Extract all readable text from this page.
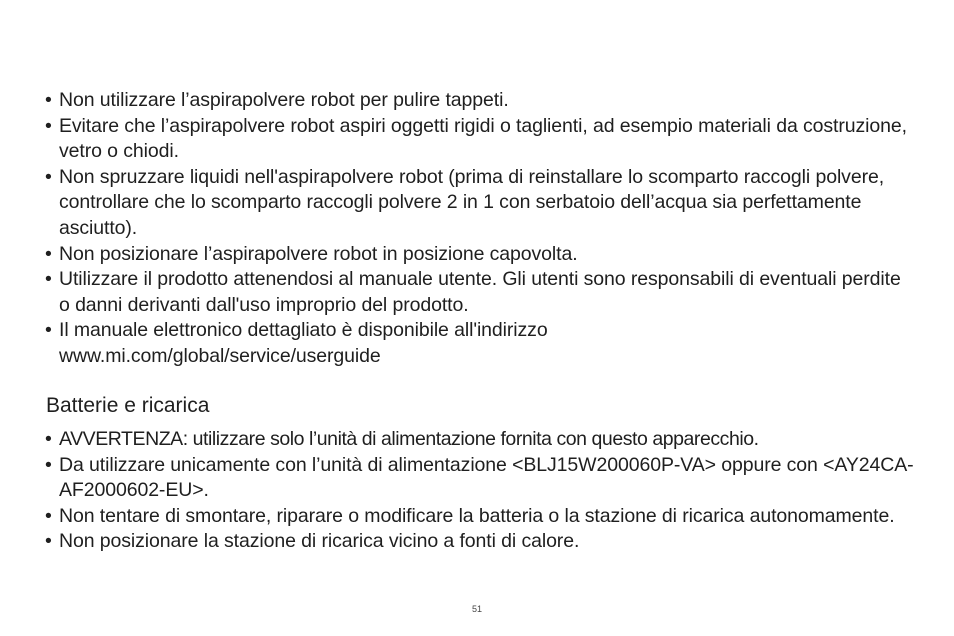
• Non utilizzare l’aspirapolvere robot per pulire tappeti.
• Evitare che l’aspirapolvere robot aspiri oggetti rigidi o taglienti, ad esempio materiali da costruzione, vetro o chiodi.
• Non spruzzare liquidi nell'aspirapolvere robot (prima di reinstallare lo scomparto raccogli polvere, controllare che lo scomparto raccogli polvere 2 in 1 con serbatoio dell’acqua sia perfettamente asciutto).
• Non posizionare l’aspirapolvere robot in posizione capovolta.
• Utilizzare il prodotto attenendosi al manuale utente. Gli utenti sono responsabili di eventuali perdite o danni derivanti dall'uso improprio del prodotto.
• Il manuale elettronico dettagliato è disponibile all'indirizzo www.mi.com/global/service/userguide
Batterie e ricarica
• AVVERTENZA: utilizzare solo l’unità di alimentazione fornita con questo apparecchio.
• Da utilizzare unicamente con l’unità di alimentazione <BLJ15W200060P-VA> oppure con <AY24CA-AF2000602-EU>.
• Non tentare di smontare, riparare o modificare la batteria o la stazione di ricarica autonomamente.
• Non posizionare la stazione di ricarica vicino a fonti di calore.
51
